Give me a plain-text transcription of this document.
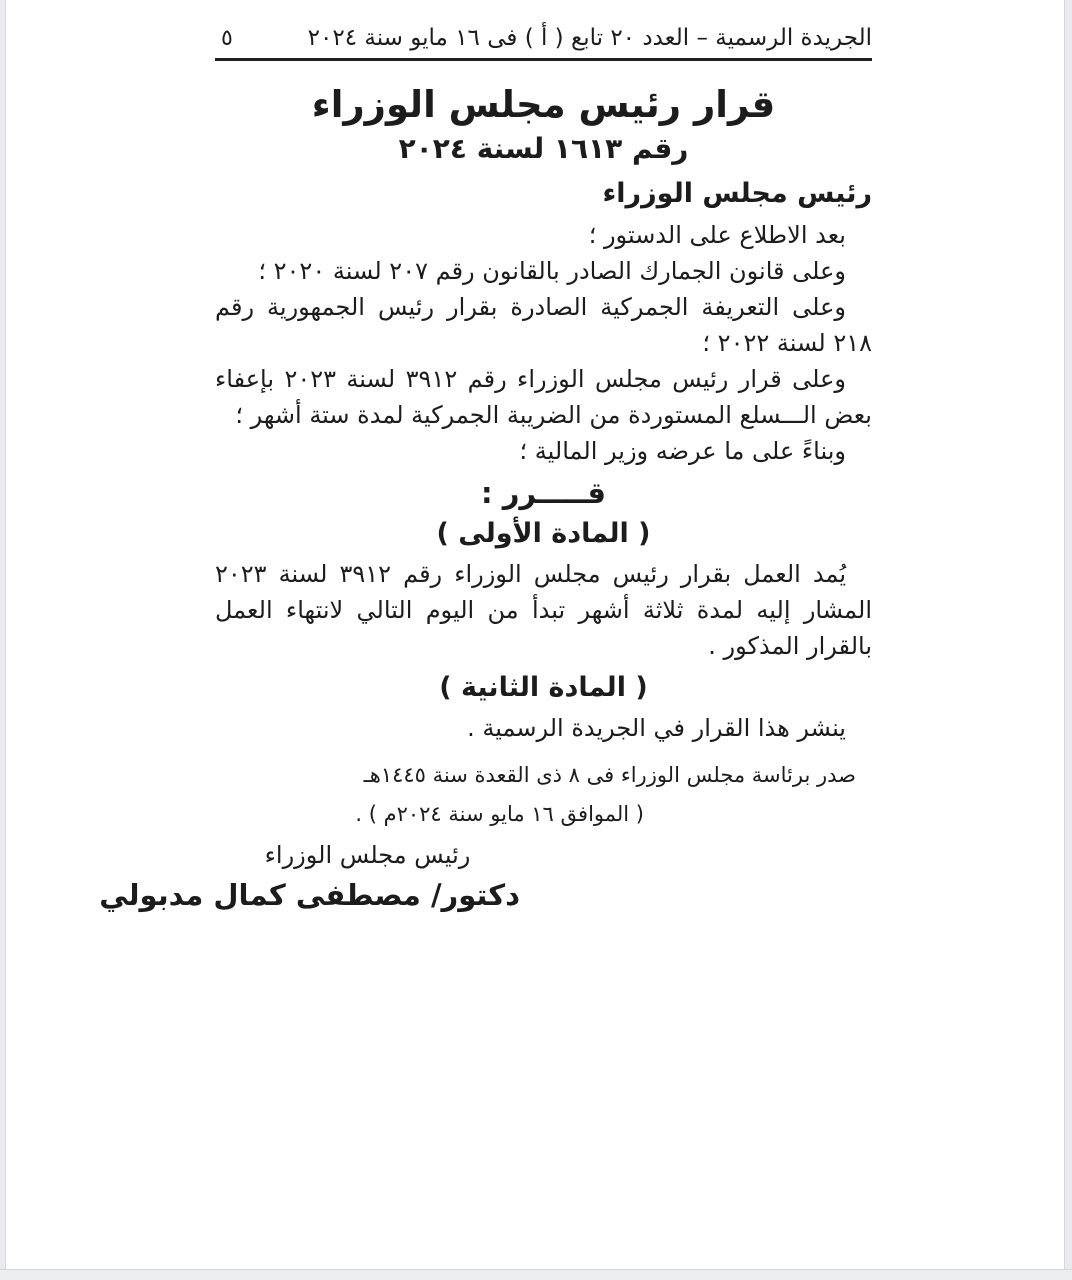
الجريدة الرسمية – العدد ٢٠ تابع ( أ ) فى ١٦ مايو سنة ٢٠٢٤
٥
قرار رئيس مجلس الوزراء
رقم ١٦١٣ لسنة ٢٠٢٤
رئيس مجلس الوزراء

بعد الاطلاع على الدستور ؛

وعلى قانون الجمارك الصادر بالقانون رقم ٢٠٧ لسنة ٢٠٢٠ ؛

وعلى التعريفة الجمركية الصادرة بقرار رئيس الجمهورية رقم ٢١٨ لسنة ٢٠٢٢ ؛

وعلى قرار رئيس مجلس الوزراء رقم ٣٩١٢ لسنة ٢٠٢٣ بإعفاء بعض الـــسلع المستوردة من الضريبة الجمركية لمدة ستة أشهر ؛

وبناءً على ما عرضه وزير المالية ؛

قـــــرر :
( المادة الأولى )

يُمد العمل بقرار رئيس مجلس الوزراء رقم ٣٩١٢ لسنة ٢٠٢٣ المشار إليه لمدة ثلاثة أشهر تبدأ من اليوم التالي لانتهاء العمل بالقرار المذكور .

( المادة الثانية )

ينشر هذا القرار في الجريدة الرسمية .

صدر برئاسة مجلس الوزراء فى ٨ ذى القعدة سنة ١٤٤٥هـ

( الموافق ١٦ مايو سنة ٢٠٢٤م ) .

رئيس مجلس الوزراء
دكتور/ مصطفى كمال مدبولي
